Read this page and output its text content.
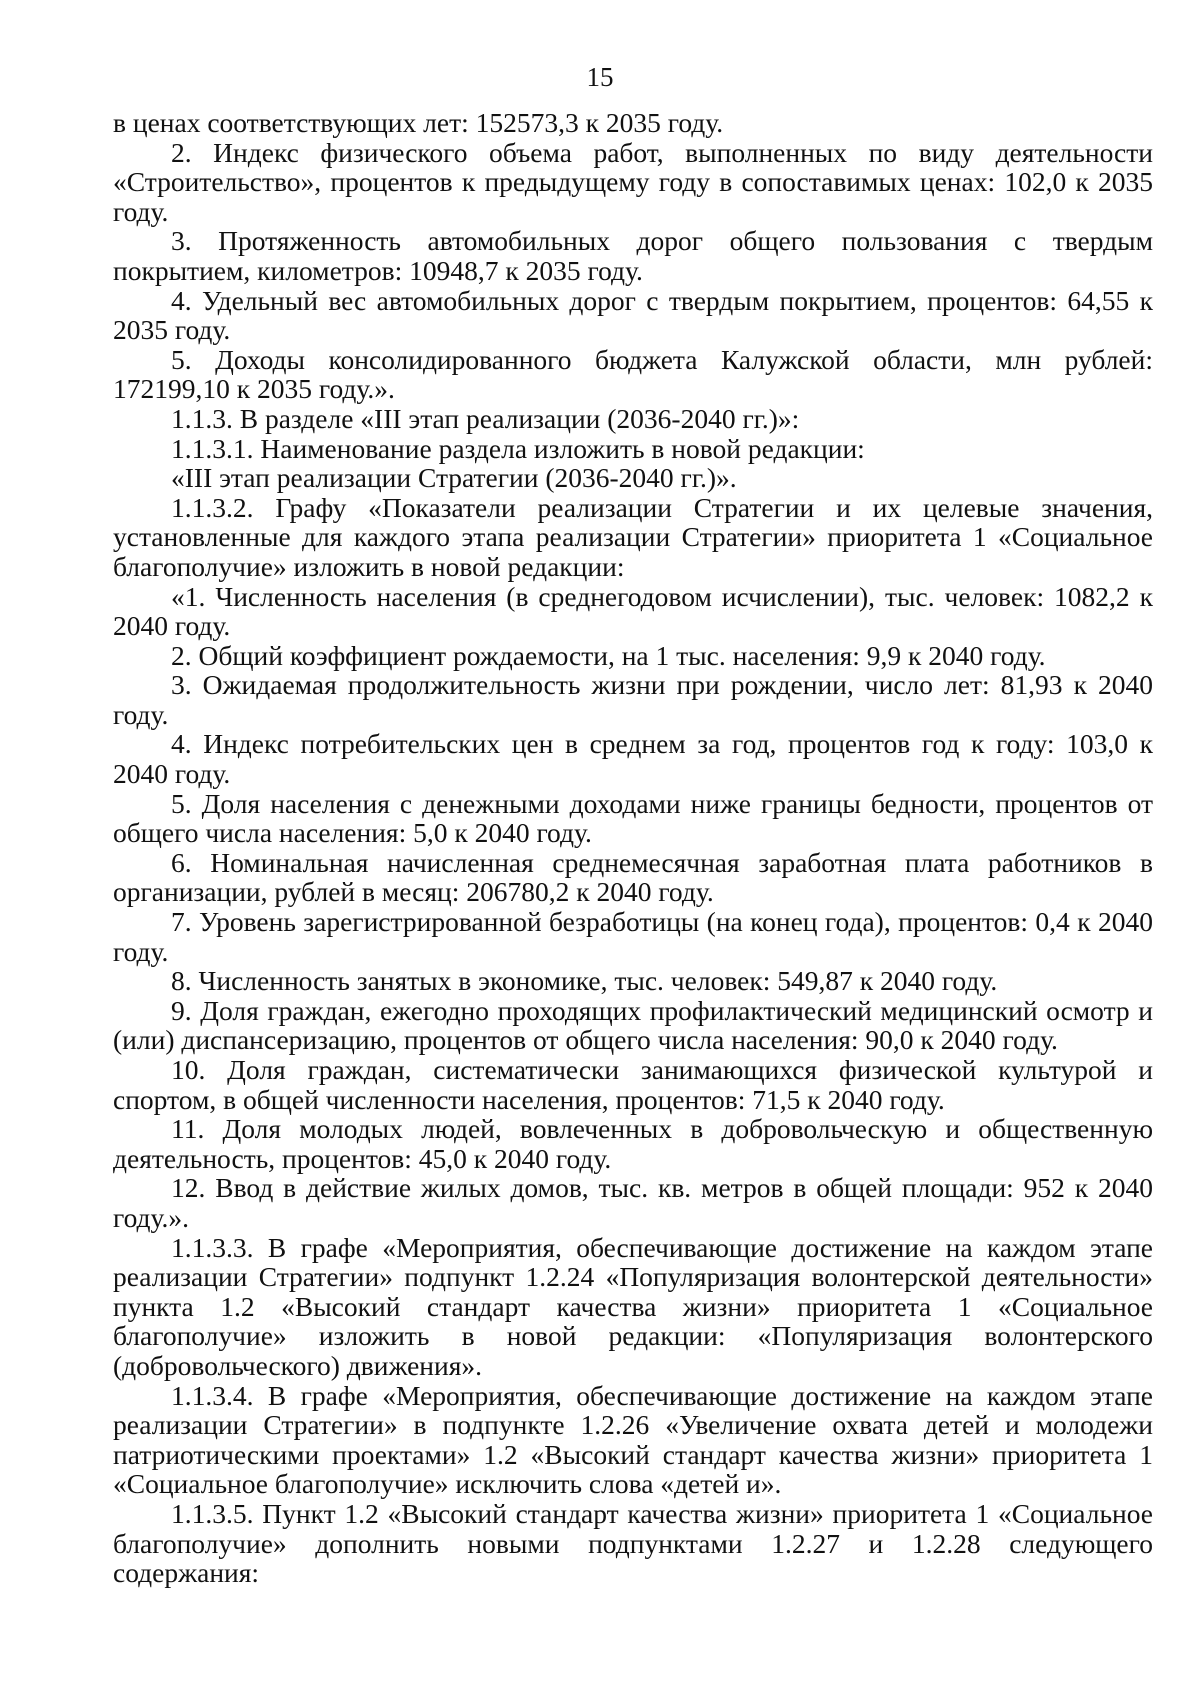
15

в ценах соответствующих лет: 152573,3 к 2035 году.

2. Индекс физического объема работ, выполненных по виду деятельности «Строительство», процентов к предыдущему году в сопоставимых ценах: 102,0 к 2035 году.

3. Протяженность автомобильных дорог общего пользования с твердым покрытием, километров: 10948,7 к 2035 году.

4. Удельный вес автомобильных дорог с твердым покрытием, процентов: 64,55 к 2035 году.

5. Доходы консолидированного бюджета Калужской области, млн рублей: 172199,10 к 2035 году.».

1.1.3. В разделе «III этап реализации (2036-2040 гг.)»:

1.1.3.1. Наименование раздела изложить в новой редакции:

«III этап реализации Стратегии (2036-2040 гг.)».

1.1.3.2. Графу «Показатели реализации Стратегии и их целевые значения, установленные для каждого этапа реализации Стратегии» приоритета 1 «Социальное благополучие» изложить в новой редакции:

«1. Численность населения (в среднегодовом исчислении), тыс. человек: 1082,2 к 2040 году.

2. Общий коэффициент рождаемости, на 1 тыс. населения: 9,9 к 2040 году.

3. Ожидаемая продолжительность жизни при рождении, число лет: 81,93 к 2040 году.

4. Индекс потребительских цен в среднем за год, процентов год к году: 103,0 к 2040 году.

5. Доля населения с денежными доходами ниже границы бедности, процентов от общего числа населения: 5,0 к 2040 году.

6. Номинальная начисленная среднемесячная заработная плата работников в организации, рублей в месяц: 206780,2 к 2040 году.

7. Уровень зарегистрированной безработицы (на конец года), процентов: 0,4 к 2040 году.

8. Численность занятых в экономике, тыс. человек: 549,87 к 2040 году.

9. Доля граждан, ежегодно проходящих профилактический медицинский осмотр и (или) диспансеризацию, процентов от общего числа населения: 90,0 к 2040 году.

10. Доля граждан, систематически занимающихся физической культурой и спортом, в общей численности населения, процентов: 71,5 к 2040 году.

11. Доля молодых людей, вовлеченных в добровольческую и общественную деятельность, процентов: 45,0 к 2040 году.

12. Ввод в действие жилых домов, тыс. кв. метров в общей площади: 952 к 2040 году.».

1.1.3.3. В графе «Мероприятия, обеспечивающие достижение на каждом этапе реализации Стратегии» подпункт 1.2.24 «Популяризация волонтерской деятельности» пункта 1.2 «Высокий стандарт качества жизни» приоритета 1 «Социальное благополучие» изложить в новой редакции: «Популяризация волонтерского (добровольческого) движения».

1.1.3.4. В графе «Мероприятия, обеспечивающие достижение на каждом этапе реализации Стратегии» в подпункте 1.2.26 «Увеличение охвата детей и молодежи патриотическими проектами» 1.2 «Высокий стандарт качества жизни» приоритета 1 «Социальное благополучие» исключить слова «детей и».

1.1.3.5. Пункт 1.2 «Высокий стандарт качества жизни» приоритета 1 «Социальное благополучие» дополнить новыми подпунктами 1.2.27 и 1.2.28 следующего содержания:
